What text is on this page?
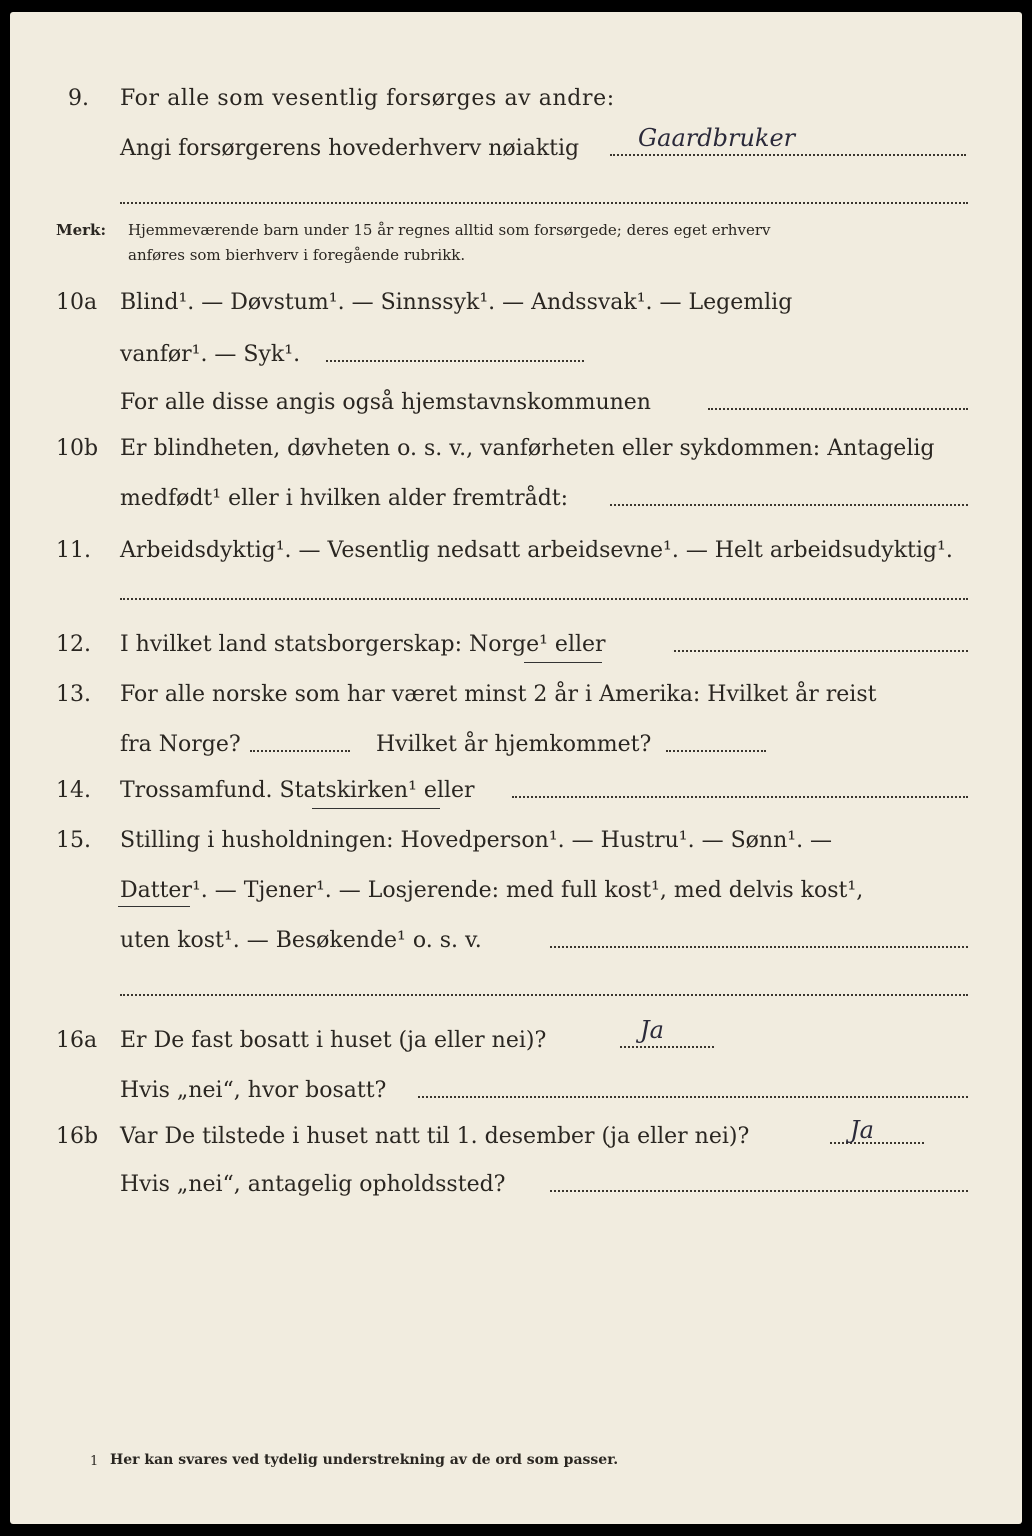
9. For alle som vesentlig forsørges av andre:
Angi forsørgerens hovederhverv nøiaktig Gaardbruker
Merk: Hjemmeværende barn under 15 år regnes alltid som forsørgede; deres eget erhverv
anføres som bierhverv i foregående rubrikk.
10a Blind¹. — Døvstum¹. — Sinnssyk¹. — Andssvak¹. — Legemlig
vanfør¹. — Syk¹.
For alle disse angis også hjemstavnskommunen
10b Er blindheten, døvheten o. s. v., vanførheten eller sykdommen: Antagelig
medfødt¹ eller i hvilken alder fremtrådt:
11. Arbeidsdyktig¹. — Vesentlig nedsatt arbeidsevne¹. — Helt arbeidsudyktig¹.
12. I hvilket land statsborgerskap: Norge¹ eller
13. For alle norske som har været minst 2 år i Amerika: Hvilket år reist
fra Norge?	Hvilket år hjemkommet?
14. Trossamfund. Statskirken¹ eller
15. Stilling i husholdningen: Hovedperson¹. — Hustru¹. — Sønn¹. —
Datter¹. — Tjener¹. — Losjerende: med full kost¹, med delvis kost¹,
uten kost¹. — Besøkende¹ o. s. v.
16a Er De fast bosatt i huset (ja eller nei)?	Ja
Hvis „nei“, hvor bosatt?
16b Var De tilstede i huset natt til 1. desember (ja eller nei)?	Ja
Hvis „nei“, antagelig opholdssted?
1 Her kan svares ved tydelig understrekning av de ord som passer.
